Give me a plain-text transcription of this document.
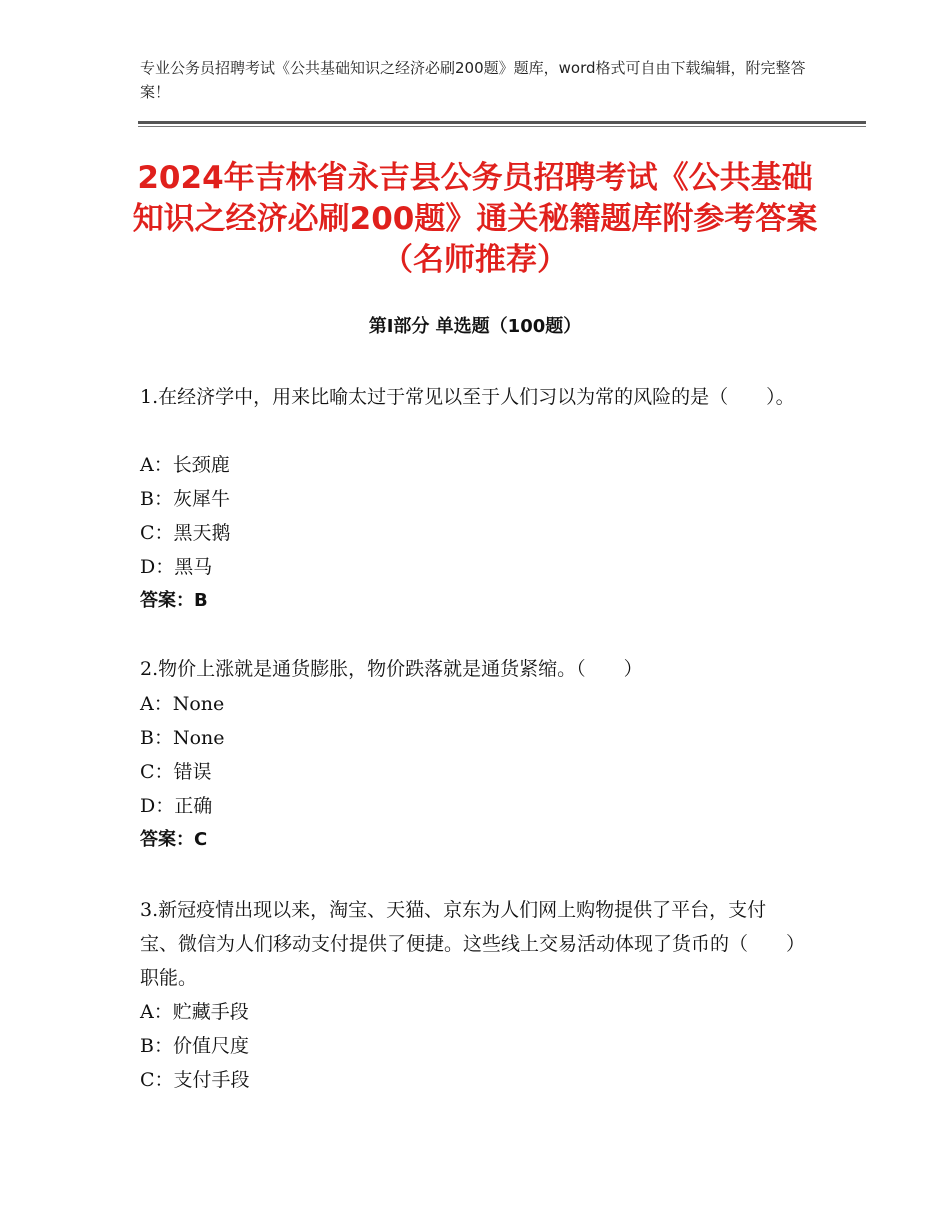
专业公务员招聘考试《公共基础知识之经济必刷200题》题库，word格式可自由下载编辑，附完整答案！
2024年吉林省永吉县公务员招聘考试《公共基础知识之经济必刷200题》通关秘籍题库附参考答案（名师推荐）
第Ⅰ部分 单选题（100题）
1.在经济学中，用来比喻太过于常见以至于人们习以为常的风险的是（　　）。
A：长颈鹿
B：灰犀牛
C：黑天鹅
D：黑马
答案：B
2.物价上涨就是通货膨胀，物价跌落就是通货紧缩。（　　）
A：None
B：None
C：错误
D：正确
答案：C
3.新冠疫情出现以来，淘宝、天猫、京东为人们网上购物提供了平台，支付宝、微信为人们移动支付提供了便捷。这些线上交易活动体现了货币的（　　）职能。
A：贮藏手段
B：价值尺度
C：支付手段
